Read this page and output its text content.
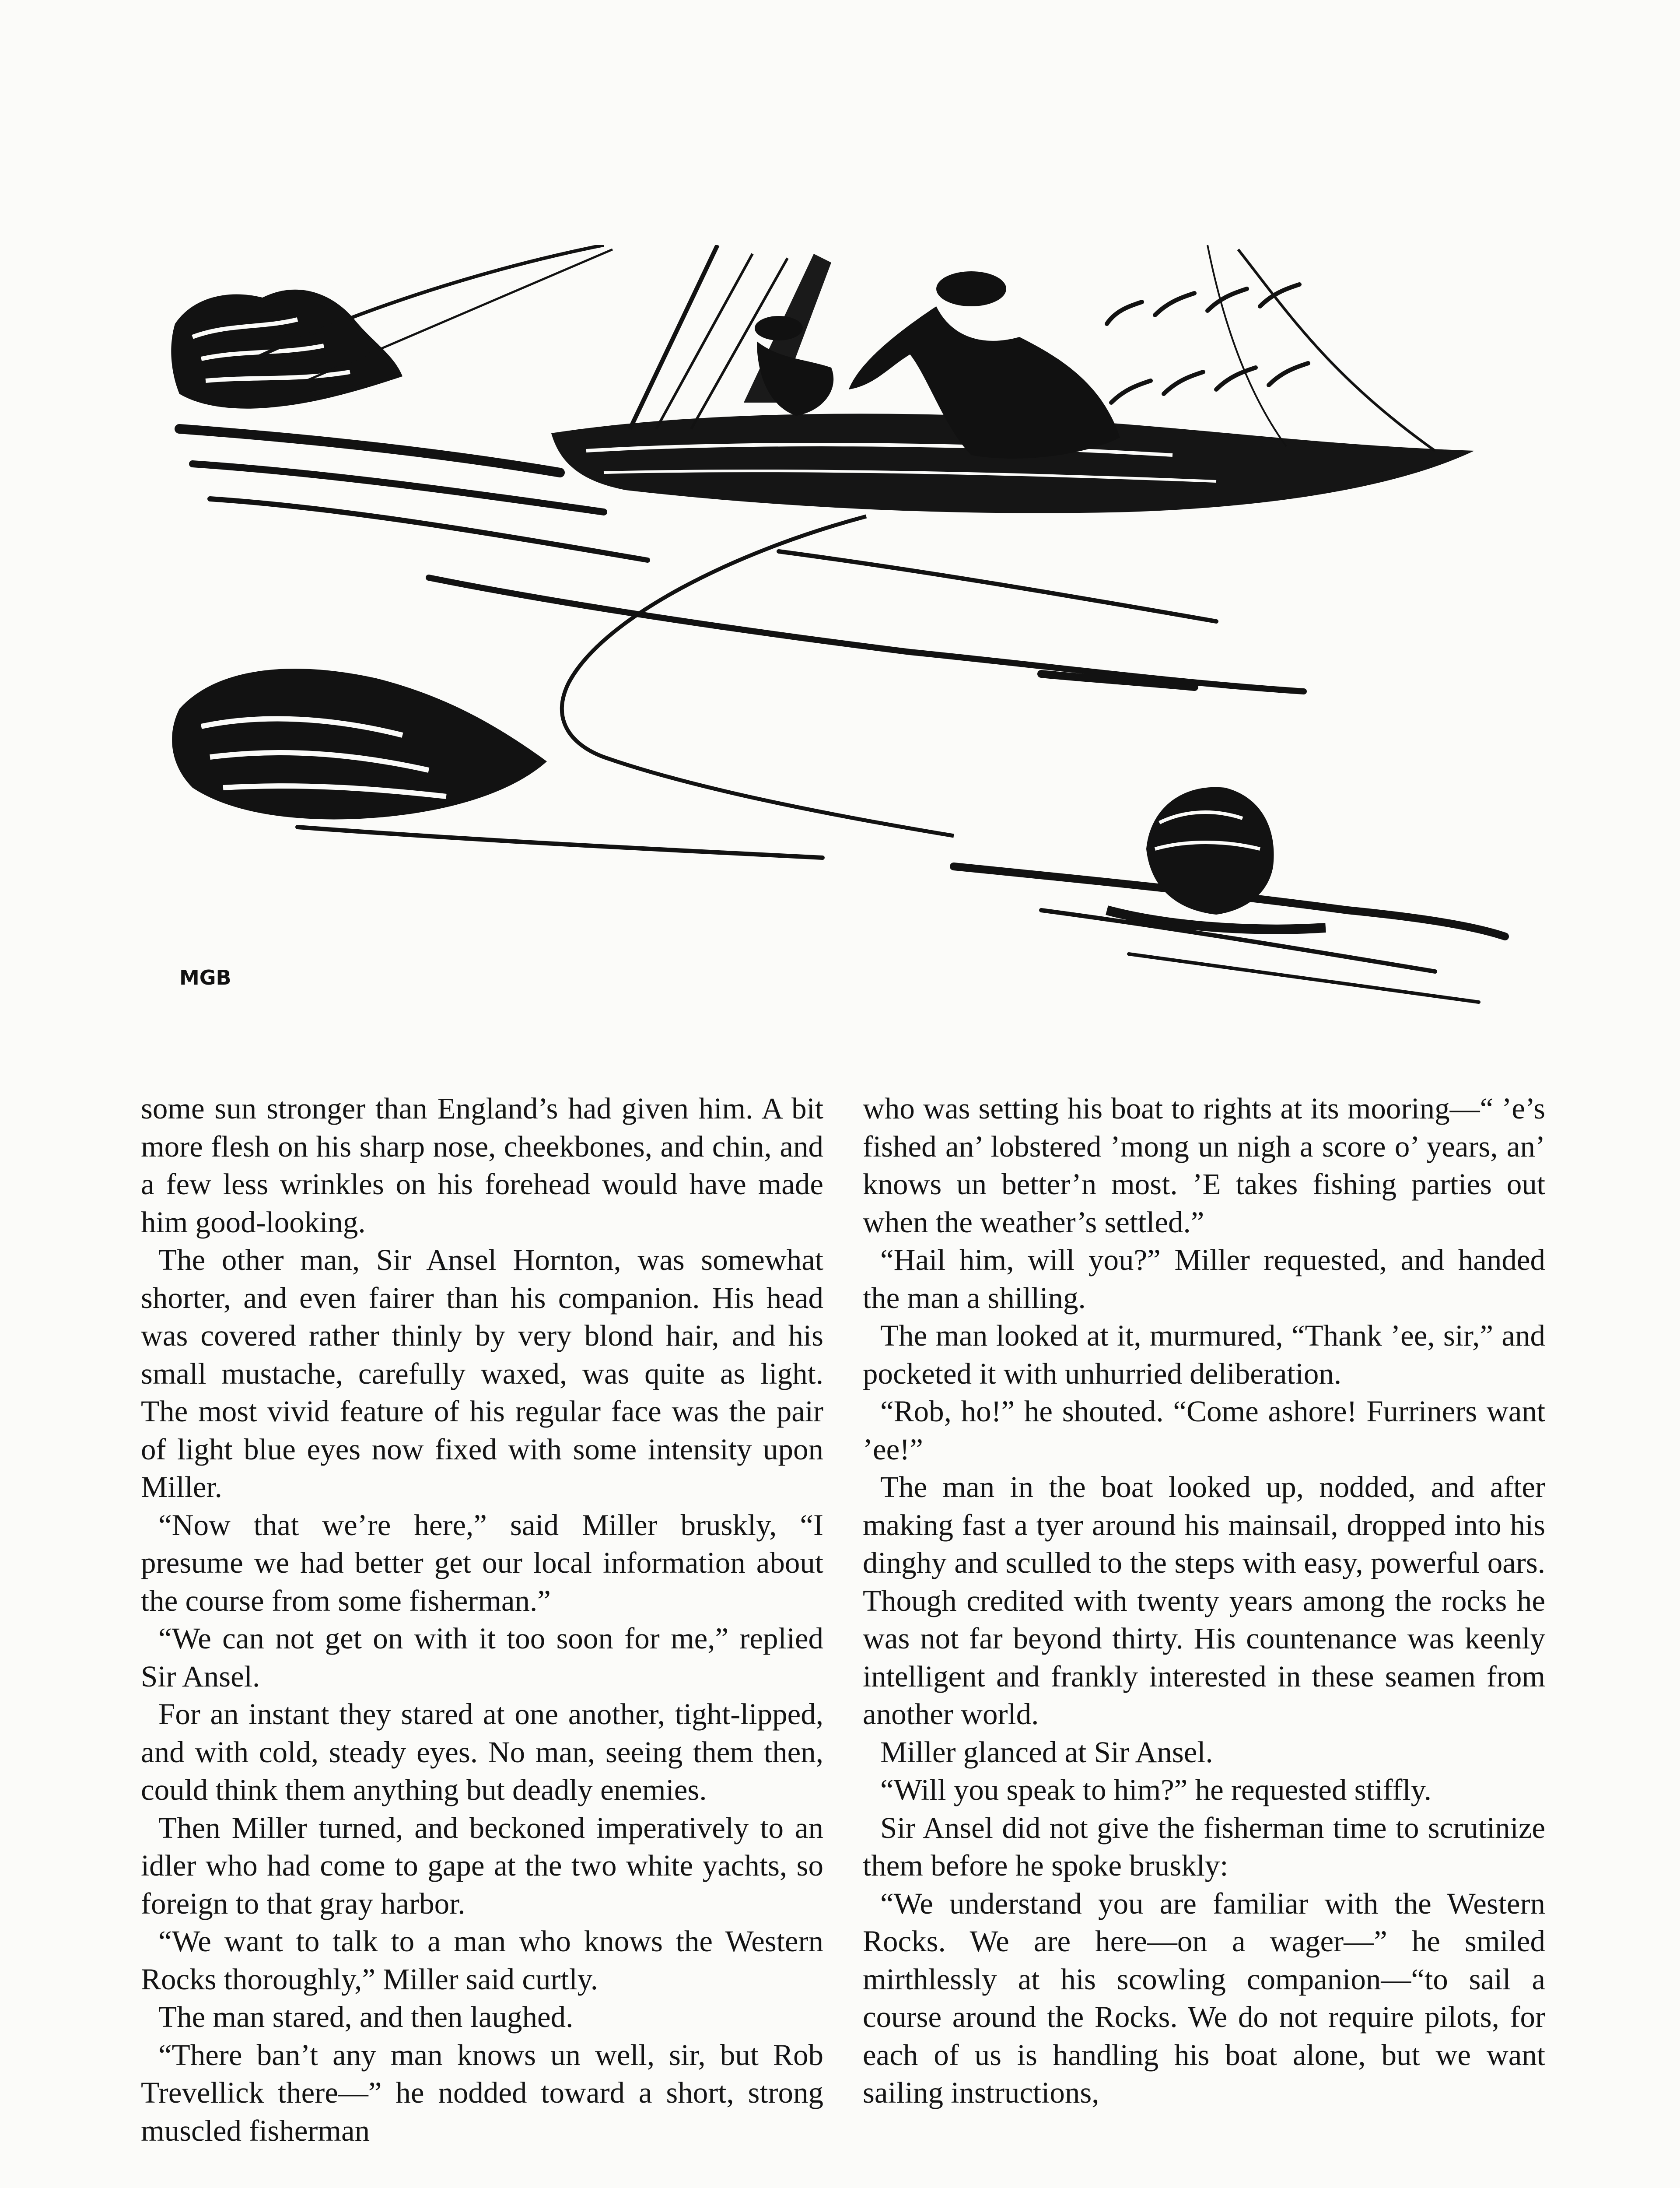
MGB

some sun stronger than England’s had given him. A bit more flesh on his sharp nose, cheekbones, and chin, and a few less wrinkles on his forehead would have made him good-looking.

The other man, Sir Ansel Hornton, was somewhat shorter, and even fairer than his companion. His head was covered rather thinly by very blond hair, and his small mustache, carefully waxed, was quite as light. The most vivid feature of his regular face was the pair of light blue eyes now fixed with some intensity upon Miller.

“Now that we’re here,” said Miller bruskly, “I presume we had better get our local information about the course from some fisherman.”

“We can not get on with it too soon for me,” replied Sir Ansel.

For an instant they stared at one another, tight-lipped, and with cold, steady eyes. No man, seeing them then, could think them anything but deadly enemies.

Then Miller turned, and beckoned imperatively to an idler who had come to gape at the two white yachts, so foreign to that gray harbor.

“We want to talk to a man who knows the Western Rocks thoroughly,” Miller said curtly.

The man stared, and then laughed.

“There ban’t any man knows un well, sir, but Rob Trevellick there—” he nodded toward a short, strong muscled fisherman

who was setting his boat to rights at its mooring—“ ’e’s fished an’ lobstered ’mong un nigh a score o’ years, an’ knows un better’n most. ’E takes fishing parties out when the weather’s settled.”

“Hail him, will you?” Miller requested, and handed the man a shilling.

The man looked at it, murmured, “Thank ’ee, sir,” and pocketed it with unhurried deliberation.

“Rob, ho!” he shouted. “Come ashore! Furriners want ’ee!”

The man in the boat looked up, nodded, and after making fast a tyer around his mainsail, dropped into his dinghy and sculled to the steps with easy, powerful oars. Though credited with twenty years among the rocks he was not far beyond thirty. His countenance was keenly intelligent and frankly interested in these seamen from another world.

Miller glanced at Sir Ansel.

“Will you speak to him?” he requested stiffly.

Sir Ansel did not give the fisherman time to scrutinize them before he spoke bruskly:

“We understand you are familiar with the Western Rocks. We are here—on a wager—” he smiled mirthlessly at his scowling companion—“to sail a course around the Rocks. We do not require pilots, for each of us is handling his boat alone, but we want sailing instructions,
